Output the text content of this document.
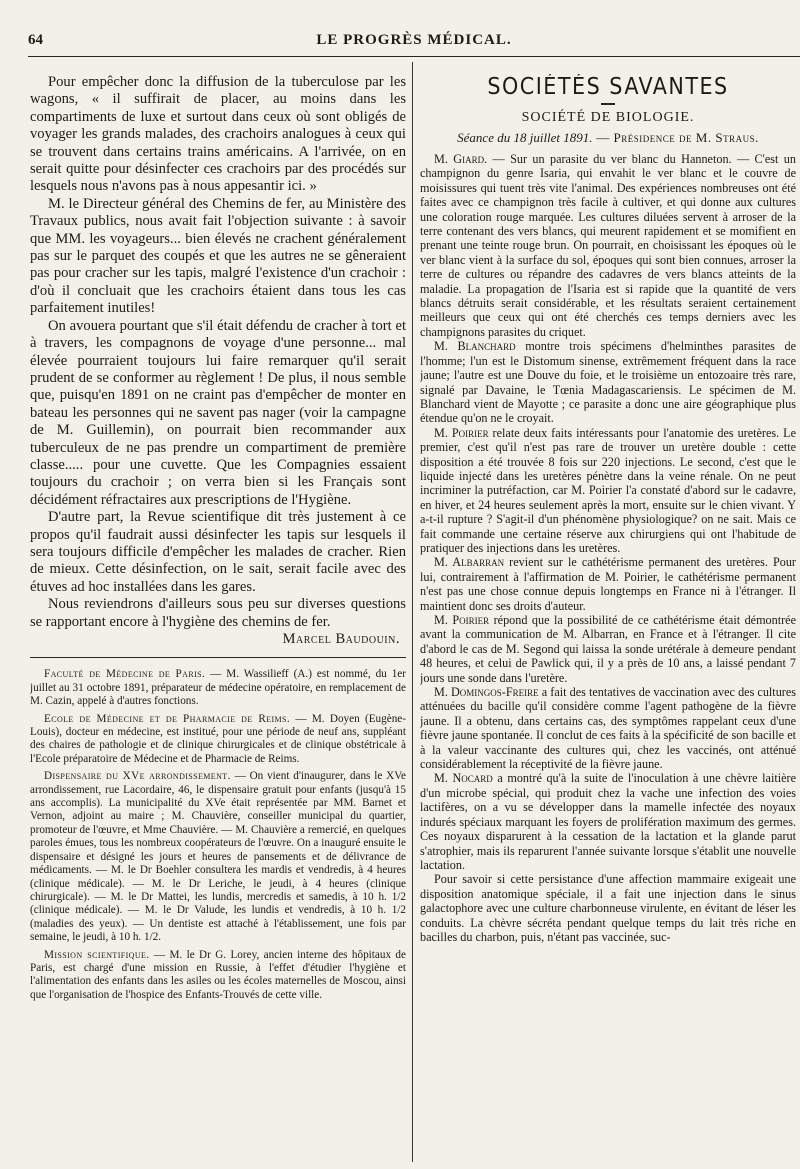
64	LE PROGRÈS MÉDICAL.

Pour empêcher donc la diffusion de la tuberculose par les wagons, « il suffirait de placer, au moins dans les compartiments de luxe et surtout dans ceux où sont obligés de voyager les grands malades, des crachoirs analogues à ceux qui se trouvent dans certains trains américains. A l'arrivée, on en serait quitte pour désinfecter ces crachoirs par des procédés sur lesquels nous n'avons pas à nous appesantir ici. »

M. le Directeur général des Chemins de fer, au Ministère des Travaux publics, nous avait fait l'objection suivante : à savoir que MM. les voyageurs... bien élevés ne crachent généralement pas sur le parquet des coupés et que les autres ne se gêneraient pas pour cracher sur les tapis, malgré l'existence d'un crachoir : d'où il concluait que les crachoirs étaient dans tous les cas parfaitement inutiles!

On avouera pourtant que s'il était défendu de cracher à tort et à travers, les compagnons de voyage d'une personne... mal élevée pourraient toujours lui faire remarquer qu'il serait prudent de se conformer au règlement ! De plus, il nous semble que, puisqu'en 1891 on ne craint pas d'empêcher de monter en bateau les personnes qui ne savent pas nager (voir la campagne de M. Guillemin), on pourrait bien recommander aux tuberculeux de ne pas prendre un compartiment de première classe..... pour une cuvette. Que les Compagnies essaient toujours du crachoir ; on verra bien si les Français sont décidément réfractaires aux prescriptions de l'Hygiène.

D'autre part, la Revue scientifique dit très justement à ce propos qu'il faudrait aussi désinfecter les tapis sur lesquels il sera toujours difficile d'empêcher les malades de cracher. Rien de mieux. Cette désinfection, on le sait, serait facile avec des étuves ad hoc installées dans les gares.

Nous reviendrons d'ailleurs sous peu sur diverses questions se rapportant encore à l'hygiène des chemins de fer.

Marcel Baudouin.

Faculté de Médecine de Paris. — M. Wassilieff (A.) est nommé, du 1er juillet au 31 octobre 1891, préparateur de médecine opératoire, en remplacement de M. Cazin, appelé à d'autres fonctions.

Ecole de Médecine et de Pharmacie de Reims. — M. Doyen (Eugène-Louis), docteur en médecine, est institué, pour une période de neuf ans, suppléant des chaires de pathologie et de clinique chirurgicales et de clinique obstétricale à l'Ecole préparatoire de Médecine et de Pharmacie de Reims.

Dispensaire du XVe arrondissement. — On vient d'inaugurer, dans le XVe arrondissement, rue Lacordaire, 46, le dispensaire gratuit pour enfants (jusqu'à 15 ans accomplis). La municipalité du XVe était représentée par MM. Barnet et Vernon, adjoint au maire ; M. Chauvière, conseiller municipal du quartier, promoteur de l'œuvre, et Mme Chauvière. — M. Chauvière a remercié, en quelques paroles émues, tous les nombreux coopérateurs de l'œuvre. On a inauguré ensuite le dispensaire et désigné les jours et heures de pansements et de délivrance de médicaments. — M. le Dr Boehler consultera les mardis et vendredis, à 4 heures (clinique médicale). — M. le Dr Leriche, le jeudi, à 4 heures (clinique chirurgicale). — M. le Dr Mattei, les lundis, mercredis et samedis, à 10 h. 1/2 (clinique médicale). — M. le Dr Valude, les lundis et vendredis, à 10 h. 1/2 (maladies des yeux). — Un dentiste est attaché à l'établissement, une fois par semaine, le jeudi, à 10 h. 1/2.

Mission scientifique. — M. le Dr G. Lorey, ancien interne des hôpitaux de Paris, est chargé d'une mission en Russie, à l'effet d'étudier l'hygiène et l'alimentation des enfants dans les asiles ou les écoles maternelles de Moscou, ainsi que l'organisation de l'hospice des Enfants-Trouvés de cette ville.

SOCIÉTÉS SAVANTES
SOCIÉTÉ DE BIOLOGIE.
Séance du 18 juillet 1891. — Présidence de M. Straus.

M. Giard. — Sur un parasite du ver blanc du Hanneton. — C'est un champignon du genre Isaria, qui envahit le ver blanc et le couvre de moisissures qui tuent très vite l'animal. Des expériences nombreuses ont été faites avec ce champignon très facile à cultiver, et qui donne aux cultures une coloration rouge marquée. Les cultures diluées servent à arroser de la terre contenant des vers blancs, qui meurent rapidement et se momifient en prenant une teinte rouge brun. On pourrait, en choisissant les époques où le ver blanc vient à la surface du sol, époques qui sont bien connues, arroser la terre de cultures ou répandre des cadavres de vers blancs atteints de la maladie. La propagation de l'Isaria est si rapide que la quantité de vers blancs détruits serait considérable, et les résultats seraient certainement meilleurs que ceux qui ont été cherchés ces temps derniers avec les champignons parasites du criquet.

M. Blanchard montre trois spécimens d'helminthes parasites de l'homme; l'un est le Distomum sinense, extrêmement fréquent dans la race jaune; l'autre est une Douve du foie, et le troisième un entozoaire très rare, signalé par Davaine, le Tœnia Madagascariensis. Le spécimen de M. Blanchard vient de Mayotte ; ce parasite a donc une aire géographique plus étendue qu'on ne le croyait.

M. Poirier relate deux faits intéressants pour l'anatomie des uretères. Le premier, c'est qu'il n'est pas rare de trouver un uretère double : cette disposition a été trouvée 8 fois sur 220 injections. Le second, c'est que le liquide injecté dans les uretères pénètre dans la veine rénale. On ne peut incriminer la putréfaction, car M. Poirier l'a constaté d'abord sur le cadavre, en hiver, et 24 heures seulement après la mort, ensuite sur le chien vivant. Y a-t-il rupture ? S'agit-il d'un phénomène physiologique? on ne sait. Mais ce fait commande une certaine réserve aux chirurgiens qui ont l'habitude de pratiquer des injections dans les uretères.

M. Albarran revient sur le cathétérisme permanent des uretères. Pour lui, contrairement à l'affirmation de M. Poirier, le cathétérisme permanent n'est pas une chose connue depuis longtemps en France ni à l'étranger. Il maintient donc ses droits d'auteur.

M. Poirier répond que la possibilité de ce cathétérisme était démontrée avant la communication de M. Albarran, en France et à l'étranger. Il cite d'abord le cas de M. Segond qui laissa la sonde urétérale à demeure pendant 48 heures, et celui de Pawlick qui, il y a près de 10 ans, a laissé pendant 7 jours une sonde dans l'uretère.

M. Domingos-Freire a fait des tentatives de vaccination avec des cultures atténuées du bacille qu'il considère comme l'agent pathogène de la fièvre jaune. Il a obtenu, dans certains cas, des symptômes rappelant ceux d'une fièvre jaune spontanée. Il conclut de ces faits à la spécificité de son bacille et à la valeur vaccinante des cultures qui, chez les vaccinés, ont atténué considérablement la réceptivité de la fièvre jaune.

M. Nocard a montré qu'à la suite de l'inoculation à une chèvre laitière d'un microbe spécial, qui produit chez la vache une infection des voies lactifères, on a vu se développer dans la mamelle infectée des noyaux indurés spéciaux marquant les foyers de prolifération maximum des germes. Ces noyaux disparurent à la cessation de la lactation et la glande parut s'atrophier, mais ils reparurent l'année suivante lorsque s'établit une nouvelle lactation.

Pour savoir si cette persistance d'une affection mammaire exigeait une disposition anatomique spéciale, il a fait une injection dans le sinus galactophore avec une culture charbonneuse virulente, en évitant de léser les conduits. La chèvre sécréta pendant quelque temps du lait très riche en bacilles du charbon, puis, n'étant pas vaccinée, suc-
